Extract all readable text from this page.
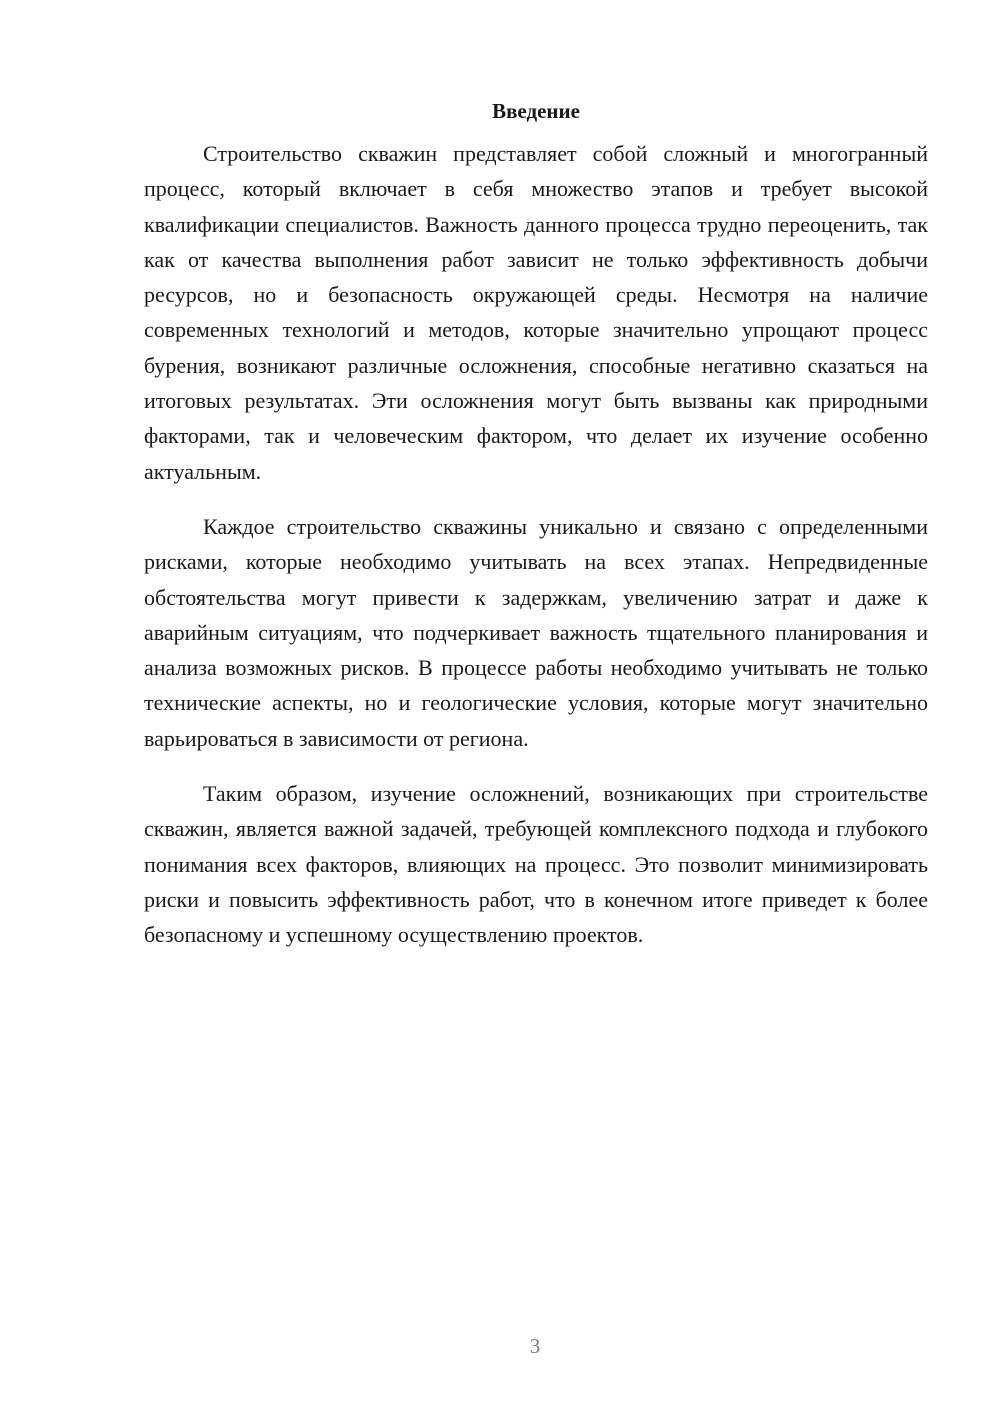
Введение

Строительство скважин представляет собой сложный и многогранный процесс, который включает в себя множество этапов и требует высокой квалификации специалистов. Важность данного процесса трудно переоценить, так как от качества выполнения работ зависит не только эффективность добычи ресурсов, но и безопасность окружающей среды. Несмотря на наличие современных технологий и методов, которые значительно упрощают процесс бурения, возникают различные осложнения, способные негативно сказаться на итоговых результатах. Эти осложнения могут быть вызваны как природными факторами, так и человеческим фактором, что делает их изучение особенно актуальным.

Каждое строительство скважины уникально и связано с определенными рисками, которые необходимо учитывать на всех этапах. Непредвиденные обстоятельства могут привести к задержкам, увеличению затрат и даже к аварийным ситуациям, что подчеркивает важность тщательного планирования и анализа возможных рисков. В процессе работы необходимо учитывать не только технические аспекты, но и геологические условия, которые могут значительно варьироваться в зависимости от региона.

Таким образом, изучение осложнений, возникающих при строительстве скважин, является важной задачей, требующей комплексного подхода и глубокого понимания всех факторов, влияющих на процесс. Это позволит минимизировать риски и повысить эффективность работ, что в конечном итоге приведет к более безопасному и успешному осуществлению проектов.

3
